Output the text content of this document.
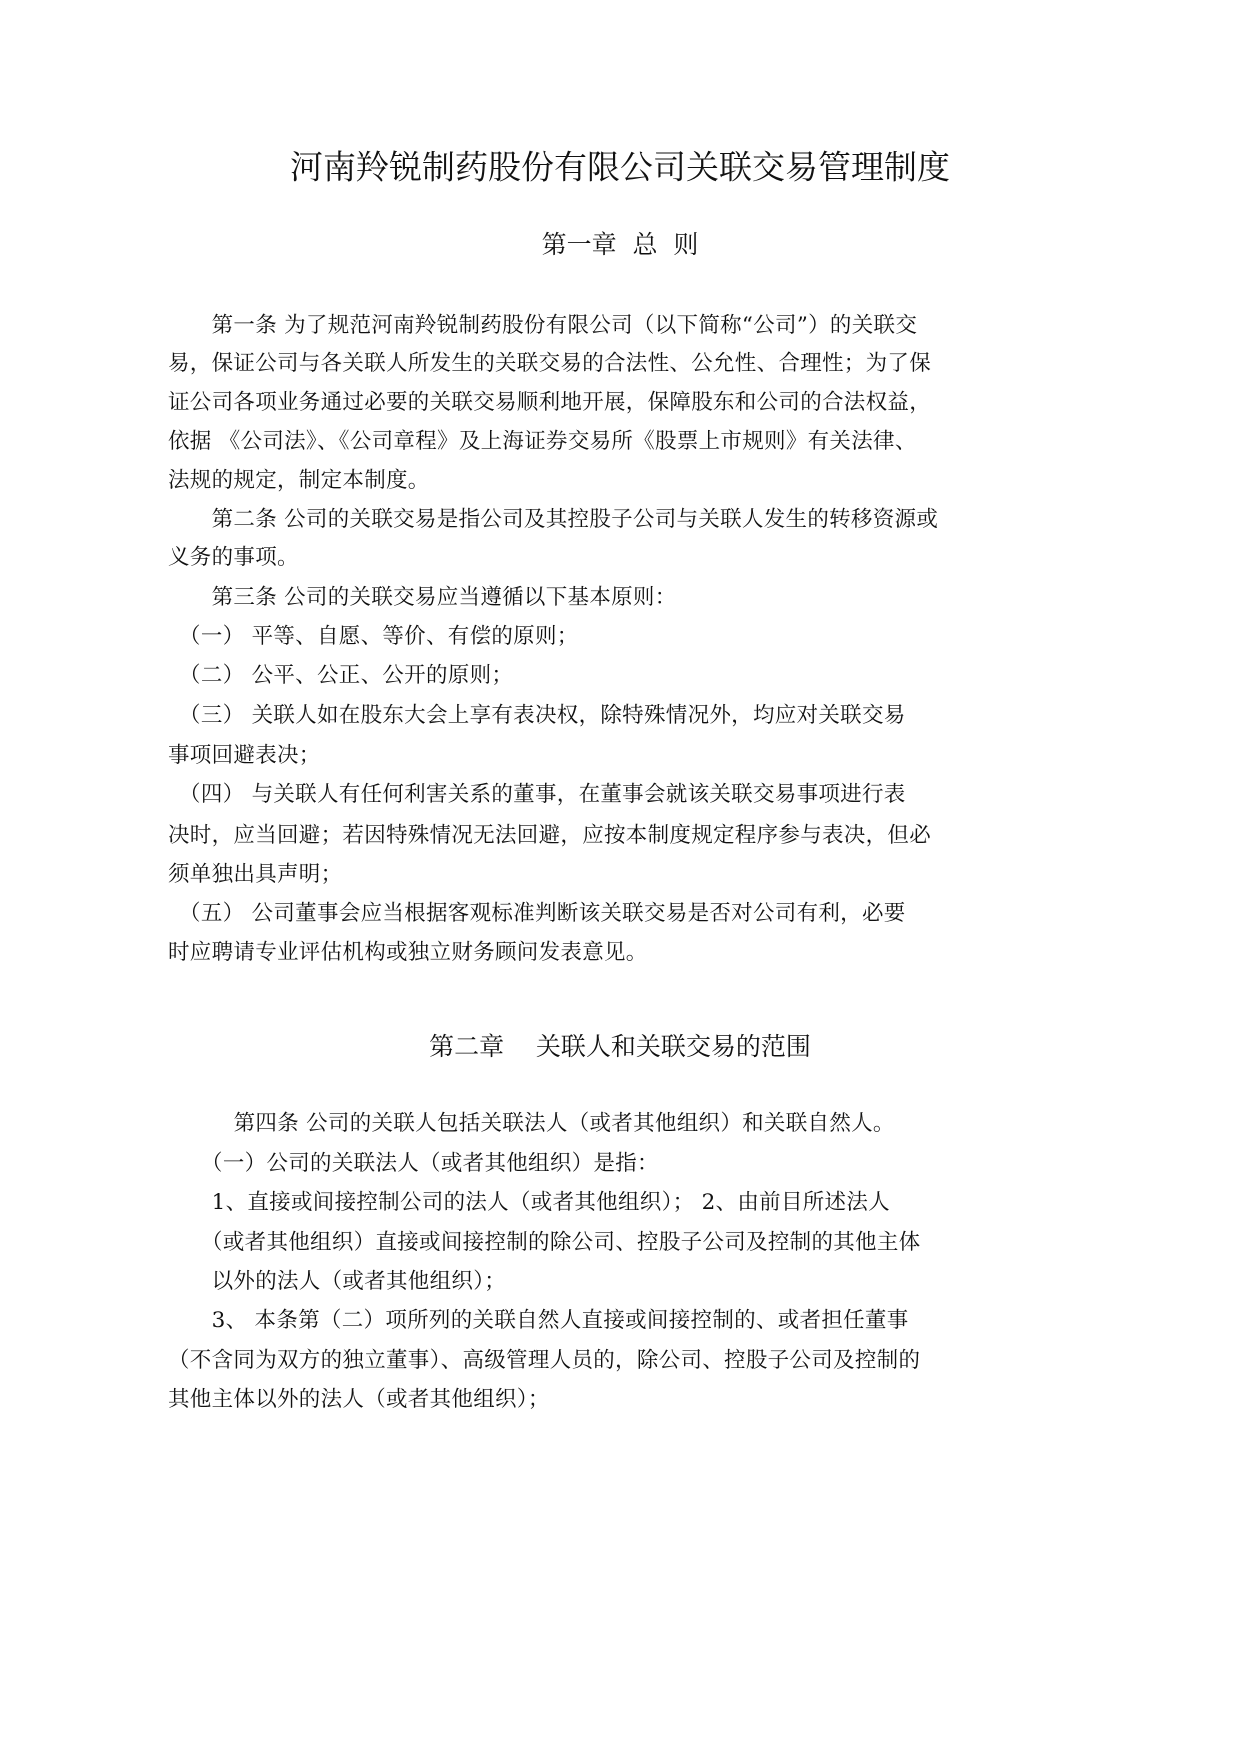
河南羚锐制药股份有限公司关联交易管理制度
第一章  总  则
　　第一条 为了规范河南羚锐制药股份有限公司（以下简称“公司”）的关联交
易，保证公司与各关联人所发生的关联交易的合法性、公允性、合理性；为了保
证公司各项业务通过必要的关联交易顺利地开展，保障股东和公司的合法权益，
依据 《公司法》、《公司章程》及上海证券交易所《股票上市规则》有关法律、
法规的规定，制定本制度。
　　第二条 公司的关联交易是指公司及其控股子公司与关联人发生的转移资源或
义务的事项。
　　第三条 公司的关联交易应当遵循以下基本原则：
　（一） 平等、自愿、等价、有偿的原则；
　（二） 公平、公正、公开的原则；
　（三） 关联人如在股东大会上享有表决权，除特殊情况外，均应对关联交易
事项回避表决；
　（四） 与关联人有任何利害关系的董事，在董事会就该关联交易事项进行表
决时，应当回避；若因特殊情况无法回避，应按本制度规定程序参与表决，但必
须单独出具声明；
　（五） 公司董事会应当根据客观标准判断该关联交易是否对公司有利，必要
时应聘请专业评估机构或独立财务顾问发表意见。
第二章    关联人和关联交易的范围
　　第四条 公司的关联人包括关联法人（或者其他组织）和关联自然人。
　（一）公司的关联法人（或者其他组织）是指：
　　1、直接或间接控制公司的法人（或者其他组织）； 2、由前目所述法人
　（或者其他组织）直接或间接控制的除公司、控股子公司及控制的其他主体
　　以外的法人（或者其他组织）；
　　3、 本条第（二）项所列的关联自然人直接或间接控制的、或者担任董事
（不含同为双方的独立董事）、高级管理人员的，除公司、控股子公司及控制的
其他主体以外的法人（或者其他组织）；
